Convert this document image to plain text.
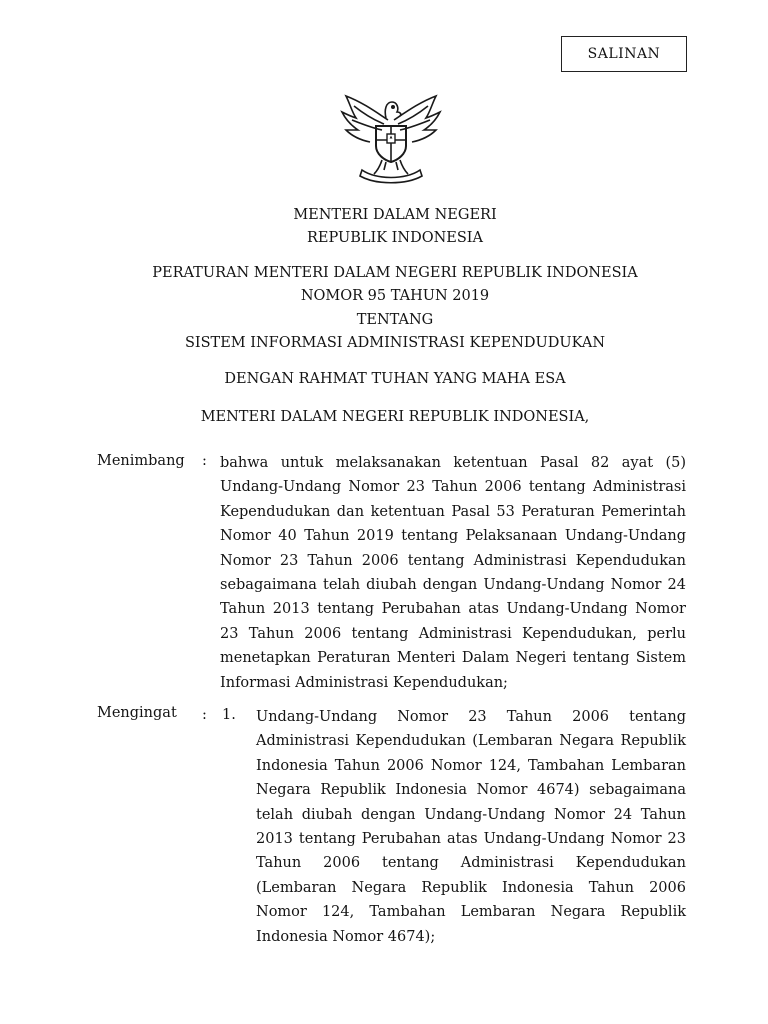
SALINAN
MENTERI DALAM NEGERI
REPUBLIK INDONESIA
PERATURAN MENTERI DALAM NEGERI REPUBLIK INDONESIA
NOMOR 95 TAHUN 2019
TENTANG
SISTEM INFORMASI ADMINISTRASI KEPENDUDUKAN
DENGAN RAHMAT TUHAN YANG MAHA ESA
MENTERI DALAM NEGERI REPUBLIK INDONESIA,
Menimbang : bahwa untuk melaksanakan ketentuan Pasal 82 ayat (5)
Undang-Undang Nomor 23 Tahun 2006 tentang Administrasi
Kependudukan dan ketentuan Pasal 53 Peraturan Pemerintah
Nomor 40 Tahun 2019 tentang Pelaksanaan Undang-Undang
Nomor 23 Tahun 2006 tentang Administrasi Kependudukan
sebagaimana telah diubah dengan Undang-Undang Nomor 24
Tahun 2013 tentang Perubahan atas Undang-Undang Nomor
23 Tahun 2006 tentang Administrasi Kependudukan, perlu
menetapkan Peraturan Menteri Dalam Negeri tentang Sistem
Informasi Administrasi Kependudukan;
Mengingat : 1. Undang-Undang Nomor 23 Tahun 2006 tentang
Administrasi Kependudukan (Lembaran Negara Republik
Indonesia Tahun 2006 Nomor 124, Tambahan Lembaran
Negara Republik Indonesia Nomor 4674) sebagaimana
telah diubah dengan Undang-Undang Nomor 24 Tahun
2013 tentang Perubahan atas Undang-Undang Nomor 23
Tahun 2006 tentang Administrasi Kependudukan
(Lembaran Negara Republik Indonesia Tahun 2006
Nomor 124, Tambahan Lembaran Negara Republik
Indonesia Nomor 4674);
